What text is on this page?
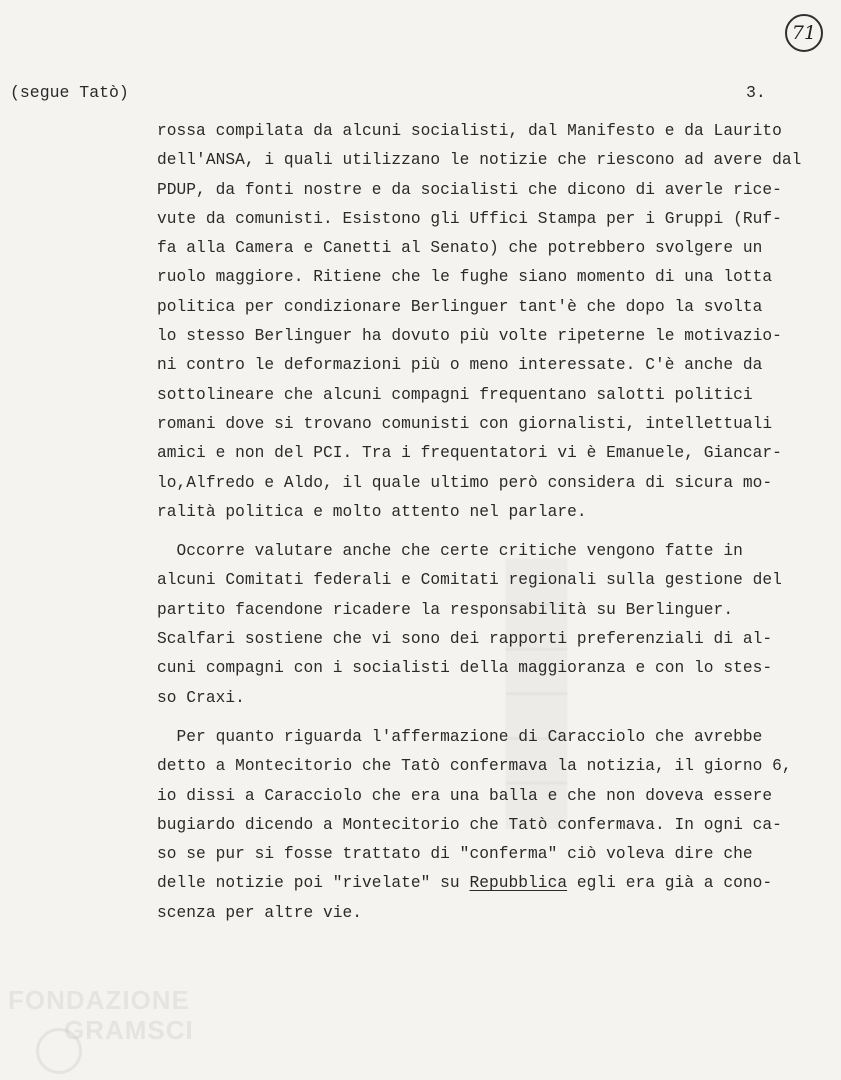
71
(segue Tatò)	3.
▇▇▇▇▇▇
rossa compilata da alcuni socialisti, dal Manifesto e da Laurito
dell'ANSA, i quali utilizzano le notizie che riescono ad avere dal
PDUP, da fonti nostre e da socialisti che dicono di averle rice-
vute da comunisti. Esistono gli Uffici Stampa per i Gruppi (Ruf-
fa alla Camera e Canetti al Senato) che potrebbero svolgere un
ruolo maggiore. Ritiene che le fughe siano momento di una lotta
politica per condizionare Berlinguer tant'è che dopo la svolta
lo stesso Berlinguer ha dovuto più volte ripeterne le motivazio-
ni contro le deformazioni più o meno interessate. C'è anche da
sottolineare che alcuni compagni frequentano salotti politici
romani dove si trovano comunisti con giornalisti, intellettuali
amici e non del PCI. Tra i frequentatori vi è Emanuele, Giancar-
lo,Alfredo e Aldo, il quale ultimo però considera di sicura mo-
ralità politica e molto attento nel parlare.
Occorre valutare anche che certe critiche vengono fatte in
alcuni Comitati federali e Comitati regionali sulla gestione del
partito facendone ricadere la responsabilità su Berlinguer.
Scalfari sostiene che vi sono dei rapporti preferenziali di al-
cuni compagni con i socialisti della maggioranza e con lo stes-
so Craxi.
Per quanto riguarda l'affermazione di Caracciolo che avrebbe
detto a Montecitorio che Tatò confermava la notizia, il giorno 6,
io dissi a Caracciolo che era una balla e che non doveva essere
bugiardo dicendo a Montecitorio che Tatò confermava. In ogni ca-
so se pur si fosse trattato di "conferma" ciò voleva dire che
delle notizie poi "rivelate" su Repubblica egli era già a cono-
scenza per altre vie.
FONDAZIONE
GRAMSCI
